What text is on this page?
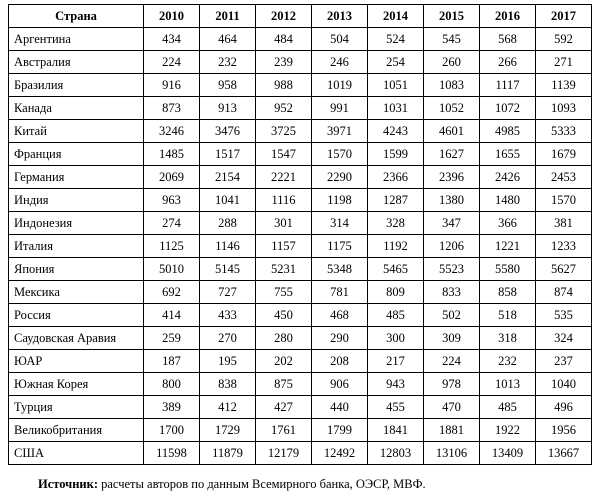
Страна	2010	2011	2012	2013	2014	2015	2016	2017
Аргентина	434	464	484	504	524	545	568	592
Австралия	224	232	239	246	254	260	266	271
Бразилия	916	958	988	1019	1051	1083	1117	1139
Канада	873	913	952	991	1031	1052	1072	1093
Китай	3246	3476	3725	3971	4243	4601	4985	5333
Франция	1485	1517	1547	1570	1599	1627	1655	1679
Германия	2069	2154	2221	2290	2366	2396	2426	2453
Индия	963	1041	1116	1198	1287	1380	1480	1570
Индонезия	274	288	301	314	328	347	366	381
Италия	1125	1146	1157	1175	1192	1206	1221	1233
Япония	5010	5145	5231	5348	5465	5523	5580	5627
Мексика	692	727	755	781	809	833	858	874
Россия	414	433	450	468	485	502	518	535
Саудовская Аравия	259	270	280	290	300	309	318	324
ЮАР	187	195	202	208	217	224	232	237
Южная Корея	800	838	875	906	943	978	1013	1040
Турция	389	412	427	440	455	470	485	496
Великобритания	1700	1729	1761	1799	1841	1881	1922	1956
США	11598	11879	12179	12492	12803	13106	13409	13667
Источник: расчеты авторов по данным Всемирного банка, ОЭСР, МВФ.
